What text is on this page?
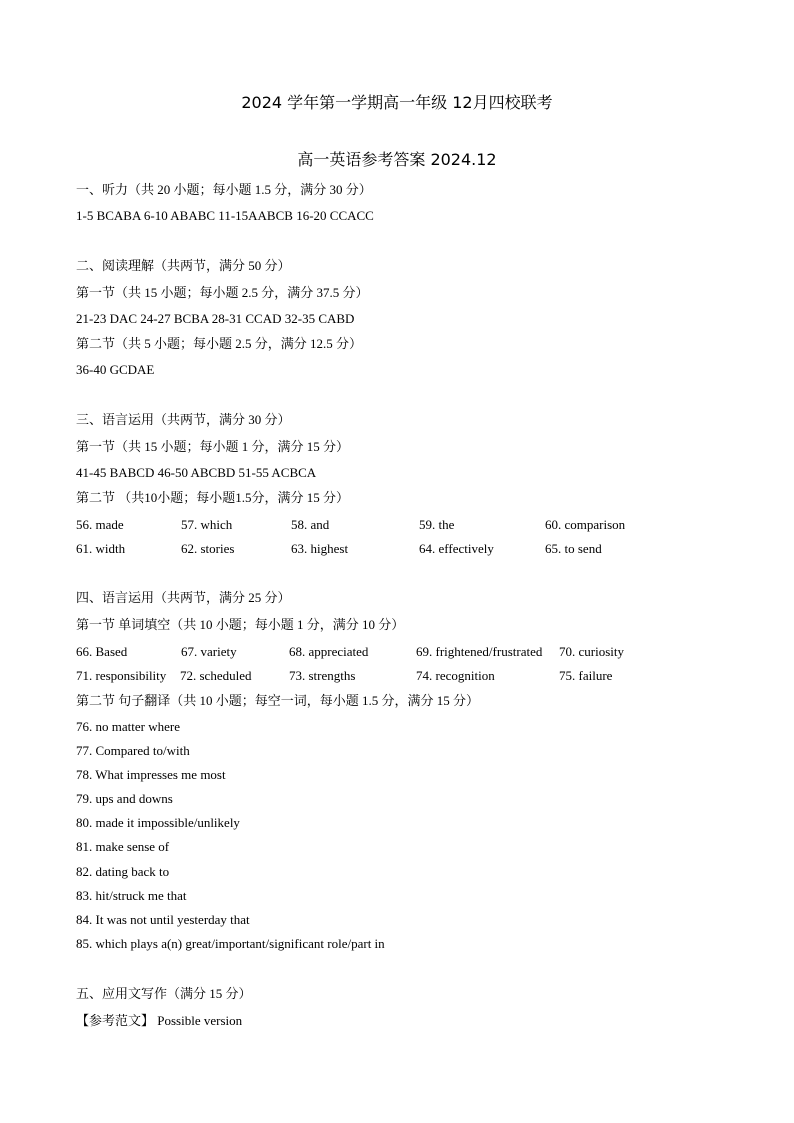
2024 学年第一学期高一年级 12月四校联考
高一英语参考答案 2024.12
一、听力（共 20 小题；每小题 1.5 分，满分 30 分）
1-5 BCABA 6-10 ABABC 11-15AABCB 16-20 CCACC
二、阅读理解（共两节，满分 50 分）
第一节（共 15 小题；每小题 2.5 分，满分 37.5 分）
21-23 DAC 24-27 BCBA 28-31 CCAD 32-35 CABD
第二节（共 5 小题；每小题 2.5 分，满分 12.5 分）
36-40 GCDAE
三、语言运用（共两节，满分 30 分）
第一节（共 15 小题；每小题 1 分，满分 15 分）
41-45 BABCD 46-50 ABCBD 51-55 ACBCA
第二节 （共10小题；每小题1.5分，满分 15 分）
56. made	57. which	58. and	59. the	60. comparison
61. width	62. stories	63. highest	64. effectively	65. to send
四、语言运用（共两节，满分 25 分）
第一节 单词填空（共 10 小题；每小题 1 分，满分 10 分）
66. Based	67. variety	68. appreciated	69. frightened/frustrated 70. curiosity
71. responsibility 72. scheduled	73. strengths	74. recognition	75. failure
第二节 句子翻译（共 10 小题；每空一词，每小题 1.5 分，满分 15 分）
76. no matter where
77. Compared to/with
78. What impresses me most
79. ups and downs
80. made it impossible/unlikely
81. make sense of
82. dating back to
83. hit/struck me that
84. It was not until yesterday that
85. which plays a(n) great/important/significant role/part in
五、应用文写作（满分 15 分）
【参考范文】 Possible version
